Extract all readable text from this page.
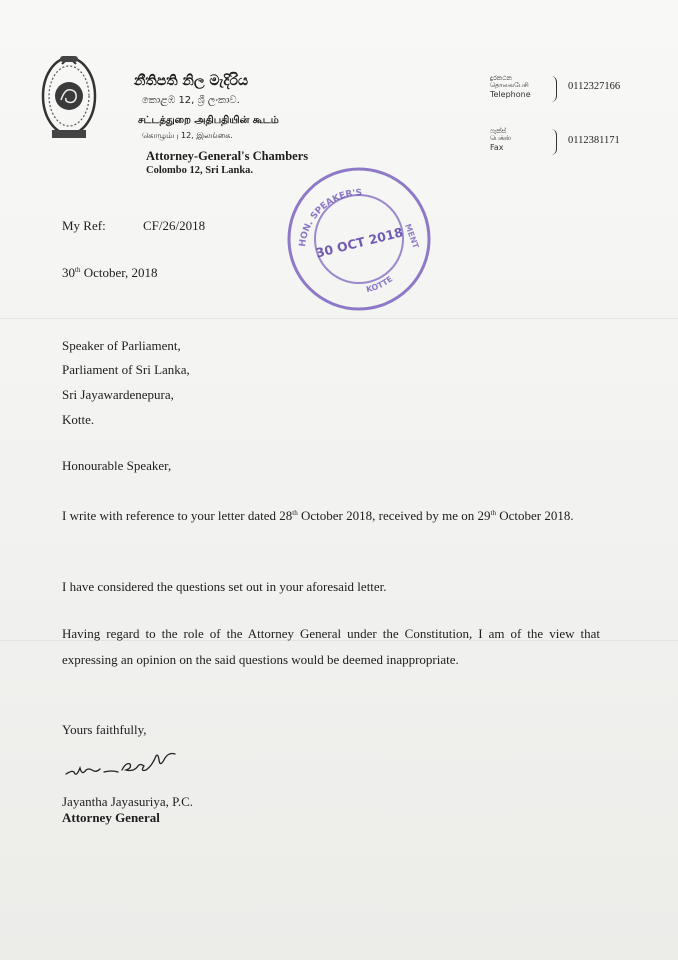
නීතිපති නිල මැදිරිය
කොළඹ 12, ශ්‍රී ලංකාව.
சட்டத்துறை அதிபதியின் கூடம்
கொழும்பு 12, இலங்கை.
Attorney-General's Chambers
Colombo 12, Sri Lanka.
දුරකථන
தொலைபேசி
Telephone
0112327166
ෆැක්ස්
பெக்ஸ்
Fax
0112381171
HON. SPEAKER'S
MENT
KOTTE
30 OCT 2018
My Ref:	CF/26/2018
30th October, 2018
Speaker of Parliament,
Parliament of Sri Lanka,
Sri Jayawardenepura,
Kotte.
Honourable Speaker,
I write with reference to your letter dated 28th October 2018, received by me on 29th October 2018.
I have considered the questions set out in your aforesaid letter.
Having regard to the role of the Attorney General under the Constitution, I am of the view that expressing an opinion on the said questions would be deemed inappropriate.
Yours faithfully,
Jayantha Jayasuriya, P.C.
Attorney General
